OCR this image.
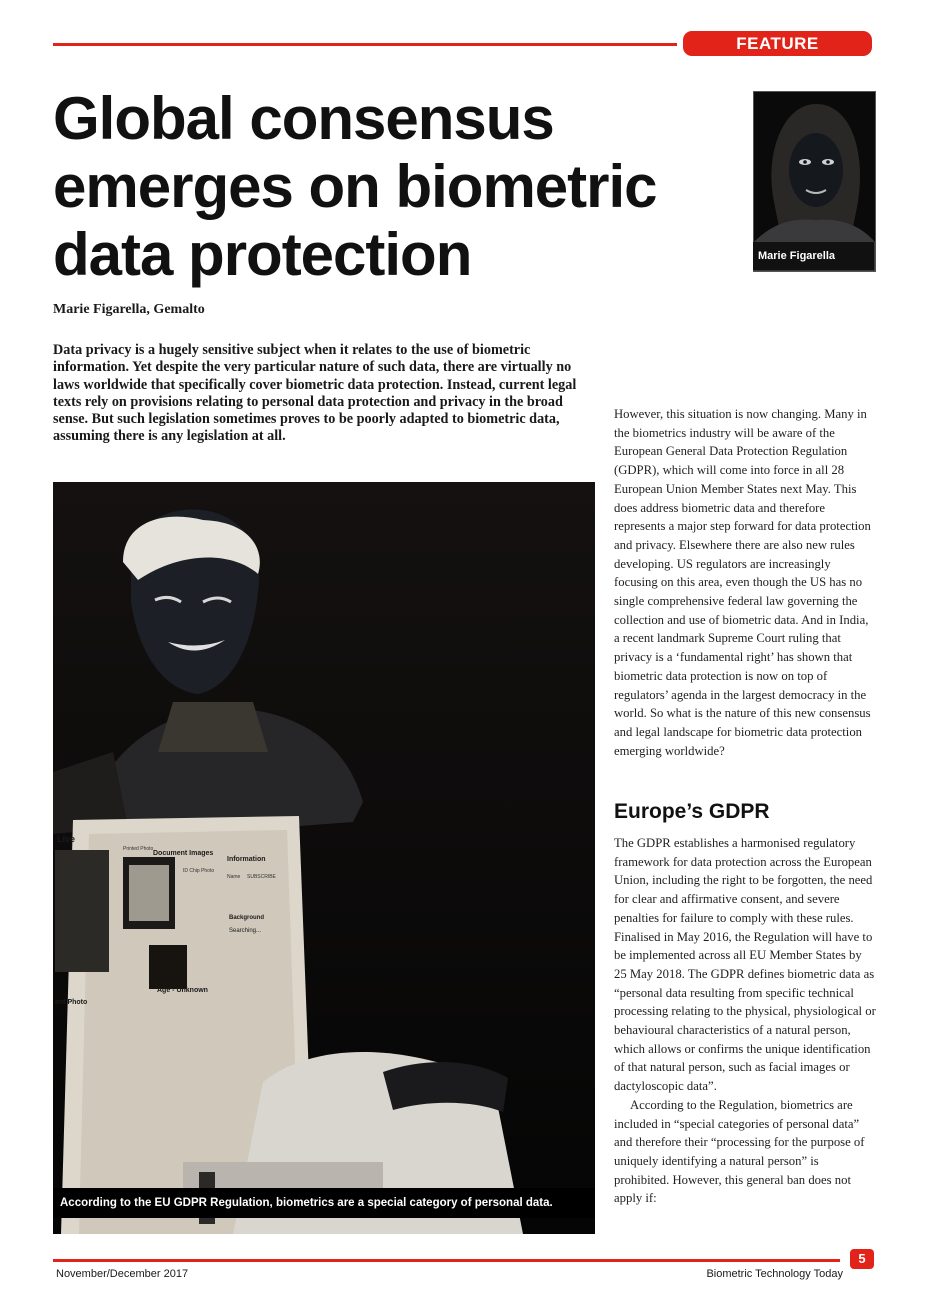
FEATURE
Global consensus emerges on biometric data protection	Marie Figarella
Marie Figarella, Gemalto

Data privacy is a hugely sensitive subject when it relates to the use of biometric information. Yet despite the very particular nature of such data, there are virtually no laws worldwide that specifically cover biometric data protection. Instead, current legal texts rely on provisions relating to personal data protection and privacy in the broad sense. But such legislation sometimes proves to be poorly adapted to biometric data, assuming there is any legislation at all.

Live
Document Images
Information
Printed Photo
ID Chip Photo
Name SUBSCRIBE
Background
Searching...
Age - Unknown
ent Photo
According to the EU GDPR Regulation, biometrics are a special category of personal data.

However, this situation is now changing. Many in the biometrics industry will be aware of the European General Data Protection Regulation (GDPR), which will come into force in all 28 European Union Member States next May. This does address biometric data and therefore represents a major step forward for data protection and privacy. Elsewhere there are also new rules developing. US regulators are increasingly focusing on this area, even though the US has no single comprehensive federal law governing the collection and use of biometric data. And in India, a recent landmark Supreme Court ruling that privacy is a ‘fundamental right’ has shown that biometric data protection is now on top of regulators’ agenda in the largest democracy in the world. So what is the nature of this new consensus and legal landscape for biometric data protection emerging worldwide?

Europe’s GDPR

The GDPR establishes a harmonised regulatory framework for data protection across the European Union, including the right to be forgotten, the need for clear and affirmative consent, and severe penalties for failure to comply with these rules. Finalised in May 2016, the Regulation will have to be implemented across all EU Member States by 25 May 2018. The GDPR defines biometric data as “personal data resulting from specific technical processing relating to the physical, physiological or behavioural characteristics of a natural person, which allows or confirms the unique identification of that natural person, such as facial images or dactyloscopic data”.

According to the Regulation, biometrics are included in “special categories of personal data” and therefore their “processing for the purpose of uniquely identifying a natural person” is prohibited. However, this general ban does not apply if:

5
November/December 2017	Biometric Technology Today
